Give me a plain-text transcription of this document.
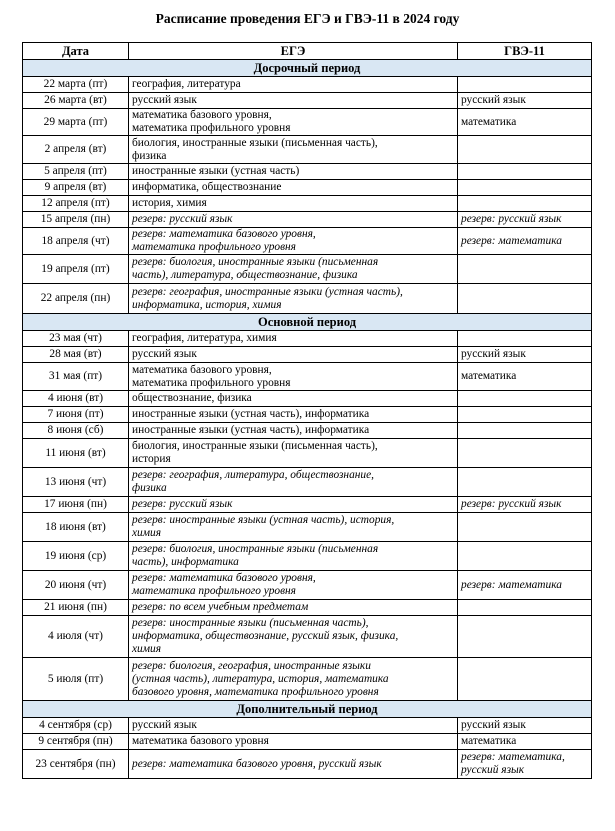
Расписание проведения ЕГЭ и ГВЭ-11 в 2024 году
Дата	ЕГЭ	ГВЭ-11
Досрочный период		
22 марта (пт)	география, литература	
26 марта (вт)	русский язык	русский язык
29 марта (пт)	математика базового уровня,
математика профильного уровня	математика
2 апреля (вт)	биология, иностранные языки (письменная часть),
физика	
5 апреля (пт)	иностранные языки (устная часть)	
9 апреля (вт)	информатика, обществознание	
12 апреля (пт)	история, химия	
15 апреля (пн)	резерв: русский язык	резерв: русский язык
18 апреля (чт)	резерв: математика базового уровня,
математика профильного уровня	резерв: математика
19 апреля (пт)	резерв: биология, иностранные языки (письменная
часть), литература, обществознание, физика	
22 апреля (пн)	резерв: география, иностранные языки (устная часть),
информатика, история, химия	
Основной период		
23 мая (чт)	география, литература, химия	
28 мая (вт)	русский язык	русский язык
31 мая (пт)	математика базового уровня,
математика профильного уровня	математика
4 июня (вт)	обществознание, физика	
7 июня (пт)	иностранные языки (устная часть), информатика	
8 июня (сб)	иностранные языки (устная часть), информатика	
11 июня (вт)	биология, иностранные языки (письменная часть),
история	
13 июня (чт)	резерв: география, литература, обществознание,
физика	
17 июня (пн)	резерв: русский язык	резерв: русский язык
18 июня (вт)	резерв: иностранные языки (устная часть), история,
химия	
19 июня (ср)	резерв: биология, иностранные языки (письменная
часть), информатика	
20 июня (чт)	резерв: математика базового уровня,
математика профильного уровня	резерв: математика
21 июня (пн)	резерв: по всем учебным предметам	
4 июля (чт)	резерв: иностранные языки (письменная часть),
информатика, обществознание, русский язык, физика,
химия	
5 июля (пт)	резерв: биология, география, иностранные языки
(устная часть), литература, история, математика
базового уровня, математика профильного уровня	
Дополнительный период		
4 сентября (ср)	русский язык	русский язык
9 сентября (пн)	математика базового уровня	математика
23 сентября (пн)	резерв: математика базового уровня, русский язык	резерв: математика,
русский язык
